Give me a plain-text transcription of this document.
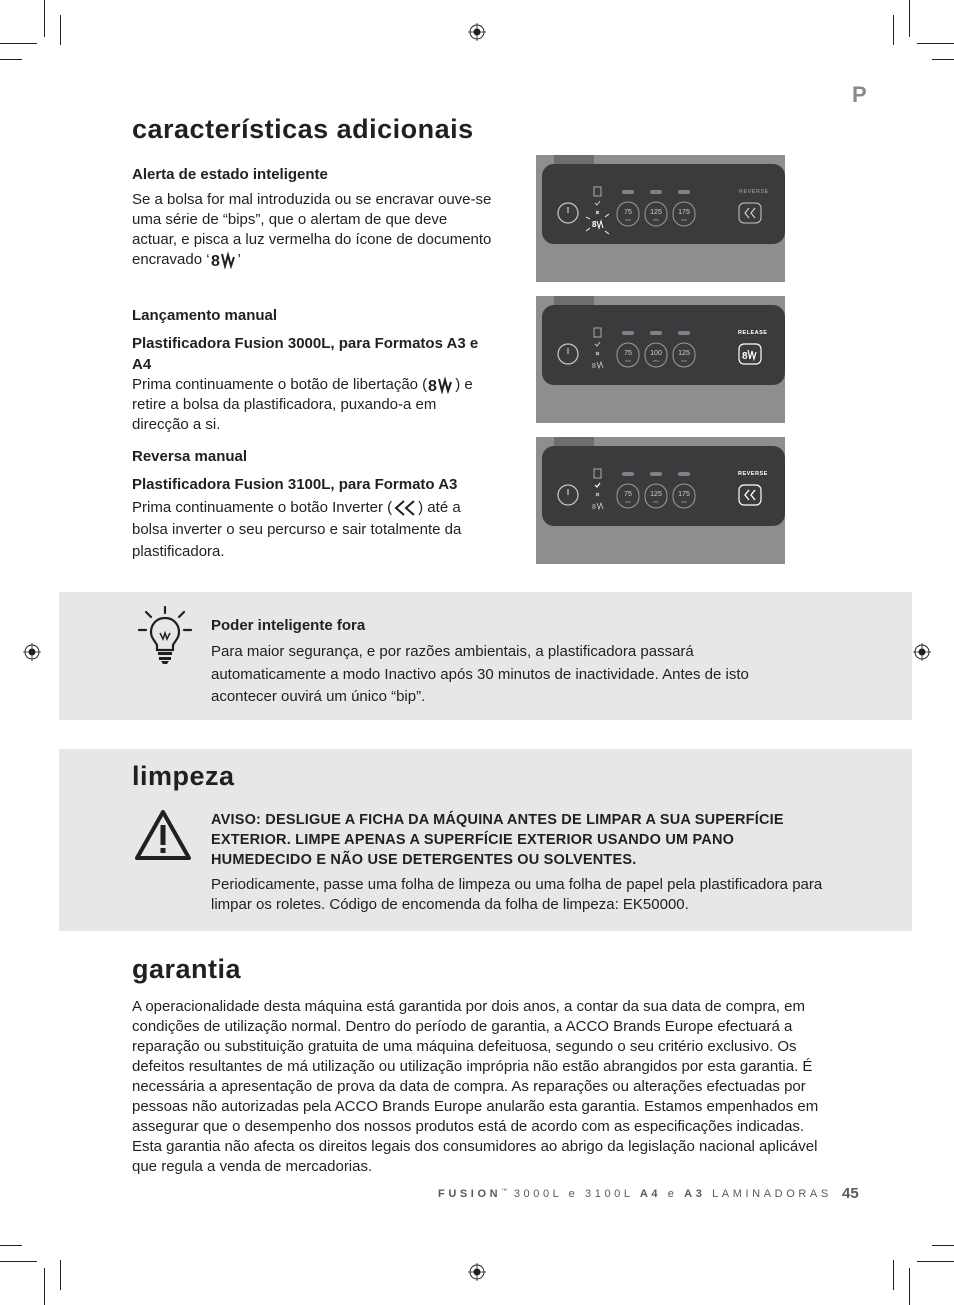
P
características adicionais
Alerta de estado inteligente
Se a bolsa for mal introduzida ou se encravar ouve-se uma série de “bips”, que o alertam de que deve actuar, e pisca a luz vermelha do ícone de documento encravado ‘ 8 ’
Lançamento manual
Plastificadora Fusion 3000L, para Formatos A3 e A4
Prima continuamente o botão de libertação ( 8 ) e retire a bolsa da plastificadora, puxando-a em direcção a si.
Reversa manual
Plastificadora Fusion 3100L, para Formato A3
Prima continuamente o botão Inverter ( ) até a bolsa inverter o seu percurso e sair totalmente da plastificadora.
8
75	125 175
mic	mic	mic
REVERSE
8
75	100 125
mic	mic	mic
RELEASE
8
8
75	125 175
mic	mic	mic
REVERSE
Poder inteligente fora
Para maior segurança, e por razões ambientais, a plastificadora passará automaticamente a modo Inactivo após 30 minutos de inactividade. Antes de isto acontecer ouvirá um único “bip”.
limpeza
AVISO: DESLIGUE A FICHA DA MÁQUINA ANTES DE LIMPAR A SUA SUPERFÍCIE EXTERIOR. LIMPE APENAS A SUPERFÍCIE EXTERIOR USANDO UM PANO HUMEDECIDO E NÃO USE DETERGENTES OU SOLVENTES.
Periodicamente, passe uma folha de limpeza ou uma folha de papel pela plastificadora para limpar os roletes. Código de encomenda da folha de limpeza: EK50000.
garantia
A operacionalidade desta máquina está garantida por dois anos, a contar da sua data de compra, em condições de utilização normal. Dentro do período de garantia, a ACCO Brands Europe efectuará a reparação ou substituição gratuita de uma máquina defeituosa, segundo o seu critério exclusivo. Os defeitos resultantes de má utilização ou utilização imprópria não estão abrangidos por esta garantia. É necessária a apresentação de prova da data de compra. As reparações ou alterações efectuadas por pessoas não autorizadas pela ACCO Brands Europe anularão esta garantia. Estamos empenhados em assegurar que o desempenho dos nossos produtos está de acordo com as especificações indicadas. Esta garantia não afecta os direitos legais dos consumidores ao abrigo da legislação nacional aplicável que regula a venda de mercadorias.
FUSION™ 3000L e 3100L A4 e A3 LAMINADORAS 45
